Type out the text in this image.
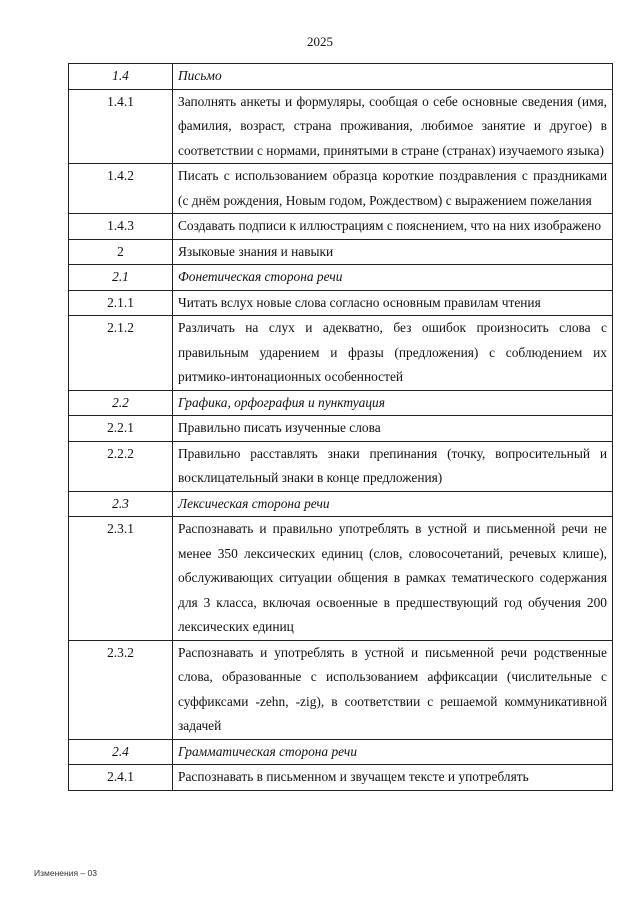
2025
1.4	Письмо
1.4.1	Заполнять анкеты и формуляры, сообщая о себе основные сведения (имя, фамилия, возраст, страна проживания, любимое занятие и другое) в соответствии с нормами, принятыми в стране (странах) изучаемого языка)
1.4.2	Писать с использованием образца короткие поздравления с праздниками (с днём рождения, Новым годом, Рождеством) с выражением пожелания
1.4.3	Создавать подписи к иллюстрациям с пояснением, что на них изображено
2	Языковые знания и навыки
2.1	Фонетическая сторона речи
2.1.1	Читать вслух новые слова согласно основным правилам чтения
2.1.2	Различать на слух и адекватно, без ошибок произносить слова с правильным ударением и фразы (предложения) с соблюдением их ритмико-интонационных особенностей
2.2	Графика, орфография и пунктуация
2.2.1	Правильно писать изученные слова
2.2.2	Правильно расставлять знаки препинания (точку, вопросительный и восклицательный знаки в конце предложения)
2.3	Лексическая сторона речи
2.3.1	Распознавать и правильно употреблять в устной и письменной речи не менее 350 лексических единиц (слов, словосочетаний, речевых клише), обслуживающих ситуации общения в рамках тематического содержания для 3 класса, включая освоенные в предшествующий год обучения 200 лексических единиц
2.3.2	Распознавать и употреблять в устной и письменной речи родственные слова, образованные с использованием аффиксации (числительные с суффиксами -zehn, -zig), в соответствии с решаемой коммуникативной задачей
2.4	Грамматическая сторона речи
2.4.1	Распознавать в письменном и звучащем тексте и употреблять
Изменения – 03
